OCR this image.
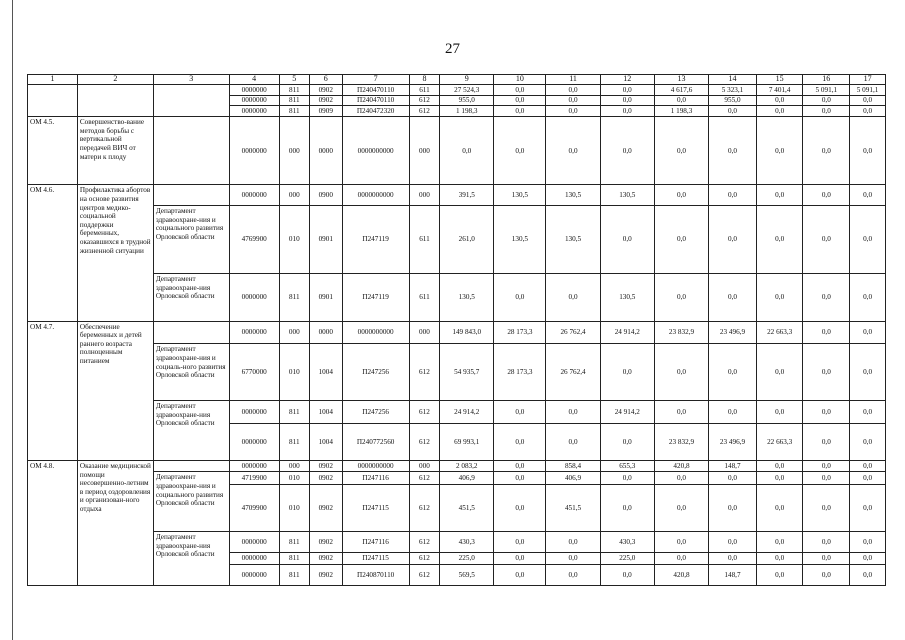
27
1	2	3	4	5	6	7	8	9	10	11	12	13	14	15	16	17
			0000000	811	0902	П240470110	611	27 524,3	0,0	0,0	0,0	4 617,6	5 323,1	7 401,4	5 091,1	5 091,1
			0000000	811	0902	П240470110	612	955,0	0,0	0,0	0,0	0,0	955,0	0,0	0,0	0,0
			0000000	811	0909	П240472320	612	1 198,3	0,0	0,0	0,0	1 198,3	0,0	0,0	0,0	0,0
ОМ 4.5.	Совершенство-вание методов борьбы с вертикальной передачей ВИЧ от матери к плоду		0000000	000	0000	0000000000	000	0,0	0,0	0,0	0,0	0,0	0,0	0,0	0,0	0,0
ОМ 4.6.	Профилактика абортов на основе развития центров медико-социальной поддержки беременных, оказавшихся в трудной жизненной ситуации		0000000	000	0900	0000000000	000	391,5	130,5	130,5	130,5	0,0	0,0	0,0	0,0	0,0
		Департамент здравоохране-ния и социального развития Орловской области	4769900	010	0901	П247119	611	261,0	130,5	130,5	0,0	0,0	0,0	0,0	0,0	0,0
		Департамент здравоохране-ния Орловской области	0000000	811	0901	П247119	611	130,5	0,0	0,0	130,5	0,0	0,0	0,0	0,0	0,0
ОМ 4.7.	Обеспечение беременных и детей раннего возраста полноценным питанием		0000000	000	0000	0000000000	000	149 843,0	28 173,3	26 762,4	24 914,2	23 832,9	23 496,9	22 663,3	0,0	0,0
		Департамент здравоохране-ния и социаль-ного развития Орловской области	6770000	010	1004	П247256	612	54 935,7	28 173,3	26 762,4	0,0	0,0	0,0	0,0	0,0	0,0
		Департамент здравоохране-ния Орловской области	0000000	811	1004	П247256	612	24 914,2	0,0	0,0	24 914,2	0,0	0,0	0,0	0,0	0,0
			0000000	811	1004	П240772560	612	69 993,1	0,0	0,0	0,0	23 832,9	23 496,9	22 663,3	0,0	0,0
ОМ 4.8.	Оказание медицинской помощи несовершенно-летним в период оздоровления и организован-ного отдыха		0000000	000	0902	0000000000	000	2 083,2	0,0	858,4	655,3	420,8	148,7	0,0	0,0	0,0
		Департамент здравоохране-ния и социального развития Орловской области	4719900	010	0902	П247116	612	406,9	0,0	406,9	0,0	0,0	0,0	0,0	0,0	0,0
			4709900	010	0902	П247115	612	451,5	0,0	451,5	0,0	0,0	0,0	0,0	0,0	0,0
		Департамент здравоохране-ния Орловской области	0000000	811	0902	П247116	612	430,3	0,0	0,0	430,3	0,0	0,0	0,0	0,0	0,0
			0000000	811	0902	П247115	612	225,0	0,0	0,0	225,0	0,0	0,0	0,0	0,0	0,0
			0000000	811	0902	П240870110	612	569,5	0,0	0,0	0,0	420,8	148,7	0,0	0,0	0,0
